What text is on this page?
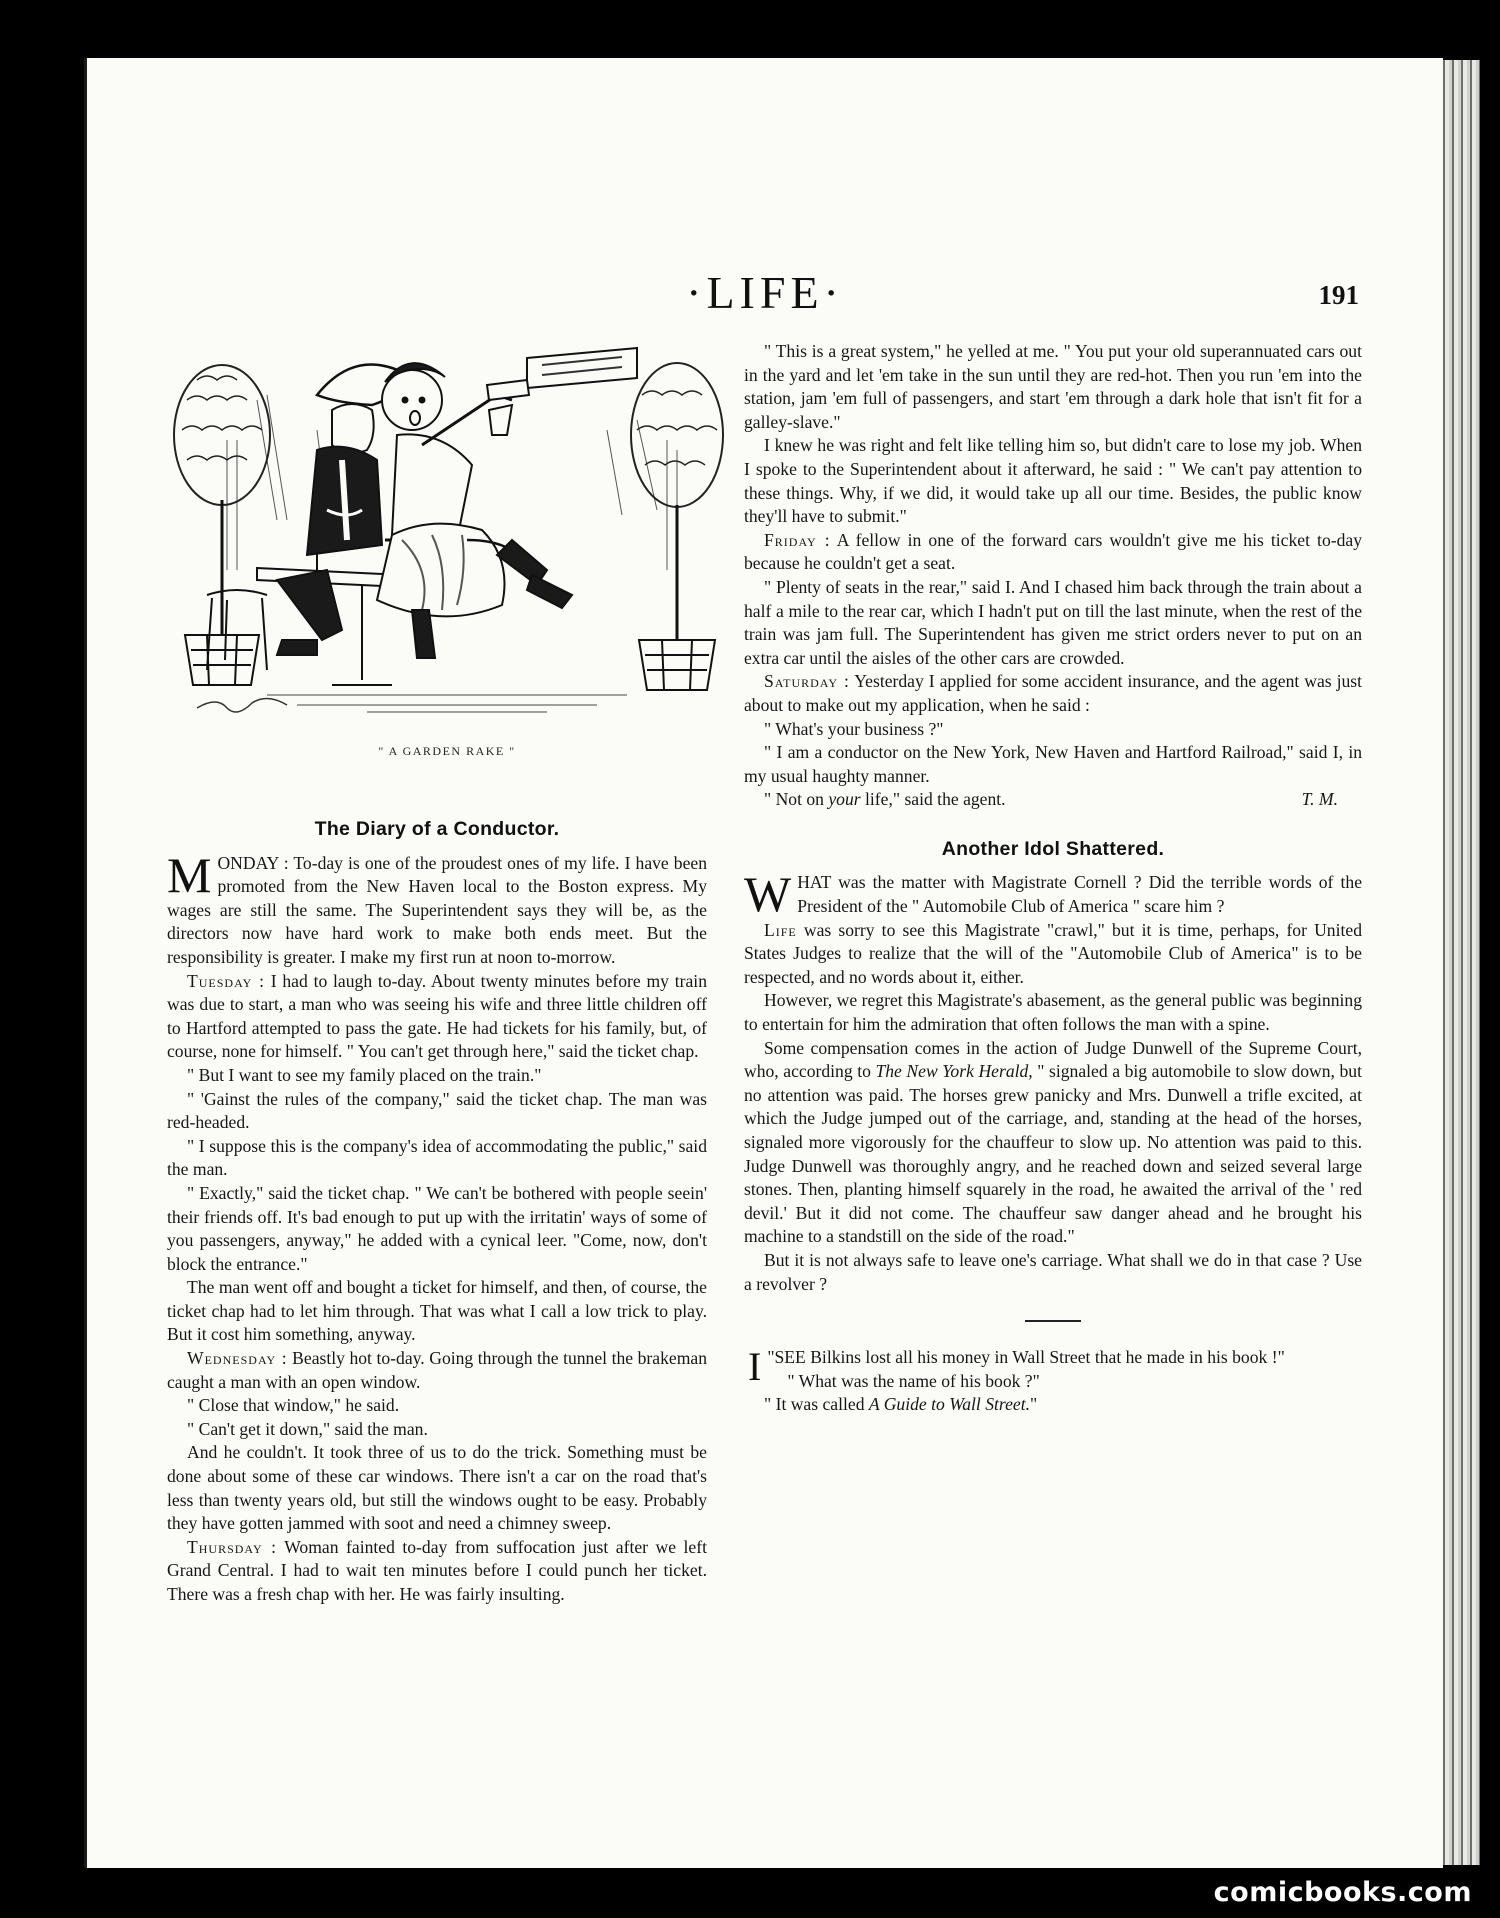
·LIFE·	191
" A GARDEN RAKE "
The Diary of a Conductor.

MONDAY : To-day is one of the proudest ones of my life. I have been promoted from the New Haven local to the Boston express. My wages are still the same. The Superintendent says they will be, as the directors now have hard work to make both ends meet. But the responsibility is greater. I make my first run at noon to-morrow.

Tuesday : I had to laugh to-day. About twenty minutes before my train was due to start, a man who was seeing his wife and three little children off to Hartford attempted to pass the gate. He had tickets for his family, but, of course, none for himself. " You can't get through here," said the ticket chap.

" But I want to see my family placed on the train."

" 'Gainst the rules of the company," said the ticket chap. The man was red-headed.

" I suppose this is the company's idea of accommodating the public," said the man.

" Exactly," said the ticket chap. " We can't be bothered with people seein' their friends off. It's bad enough to put up with the irritatin' ways of some of you passengers, anyway," he added with a cynical leer. "Come, now, don't block the entrance."

The man went off and bought a ticket for himself, and then, of course, the ticket chap had to let him through. That was what I call a low trick to play. But it cost him something, anyway.

Wednesday : Beastly hot to-day. Going through the tunnel the brakeman caught a man with an open window.

" Close that window," he said.

" Can't get it down," said the man.

And he couldn't. It took three of us to do the trick. Something must be done about some of these car windows. There isn't a car on the road that's less than twenty years old, but still the windows ought to be easy. Probably they have gotten jammed with soot and need a chimney sweep.

Thursday : Woman fainted to-day from suffocation just after we left Grand Central. I had to wait ten minutes before I could punch her ticket. There was a fresh chap with her. He was fairly insulting.

" This is a great system," he yelled at me. " You put your old superannuated cars out in the yard and let 'em take in the sun until they are red-hot. Then you run 'em into the station, jam 'em full of passengers, and start 'em through a dark hole that isn't fit for a galley-slave."

I knew he was right and felt like telling him so, but didn't care to lose my job. When I spoke to the Superintendent about it afterward, he said : " We can't pay attention to these things. Why, if we did, it would take up all our time. Besides, the public know they'll have to submit."

Friday : A fellow in one of the forward cars wouldn't give me his ticket to-day because he couldn't get a seat.

" Plenty of seats in the rear," said I. And I chased him back through the train about a half a mile to the rear car, which I hadn't put on till the last minute, when the rest of the train was jam full. The Superintendent has given me strict orders never to put on an extra car until the aisles of the other cars are crowded.

Saturday : Yesterday I applied for some accident insurance, and the agent was just about to make out my application, when he said :

" What's your business ?"

" I am a conductor on the New York, New Haven and Hartford Railroad," said I, in my usual haughty manner.

" Not on your life," said the agent.	T. M.

Another Idol Shattered.

WHAT was the matter with Magistrate Cornell ? Did the terrible words of the President of the " Automobile Club of America " scare him ?

Life was sorry to see this Magistrate "crawl," but it is time, perhaps, for United States Judges to realize that the will of the "Automobile Club of America" is to be respected, and no words about it, either.

However, we regret this Magistrate's abasement, as the general public was beginning to entertain for him the admiration that often follows the man with a spine.

Some compensation comes in the action of Judge Dunwell of the Supreme Court, who, according to The New York Herald, " signaled a big automobile to slow down, but no attention was paid. The horses grew panicky and Mrs. Dunwell a trifle excited, at which the Judge jumped out of the carriage, and, standing at the head of the horses, signaled more vigorously for the chauffeur to slow up. No attention was paid to this. Judge Dunwell was thoroughly angry, and he reached down and seized several large stones. Then, planting himself squarely in the road, he awaited the arrival of the ' red devil.' But it did not come. The chauffeur saw danger ahead and he brought his machine to a standstill on the side of the road."

But it is not always safe to leave one's carriage. What shall we do in that case ? Use a revolver ?

"
I SEE Bilkins lost all his money in Wall Street that he made in his book !"

" What was the name of his book ?"

" It was called A Guide to Wall Street."

comicbooks.com
